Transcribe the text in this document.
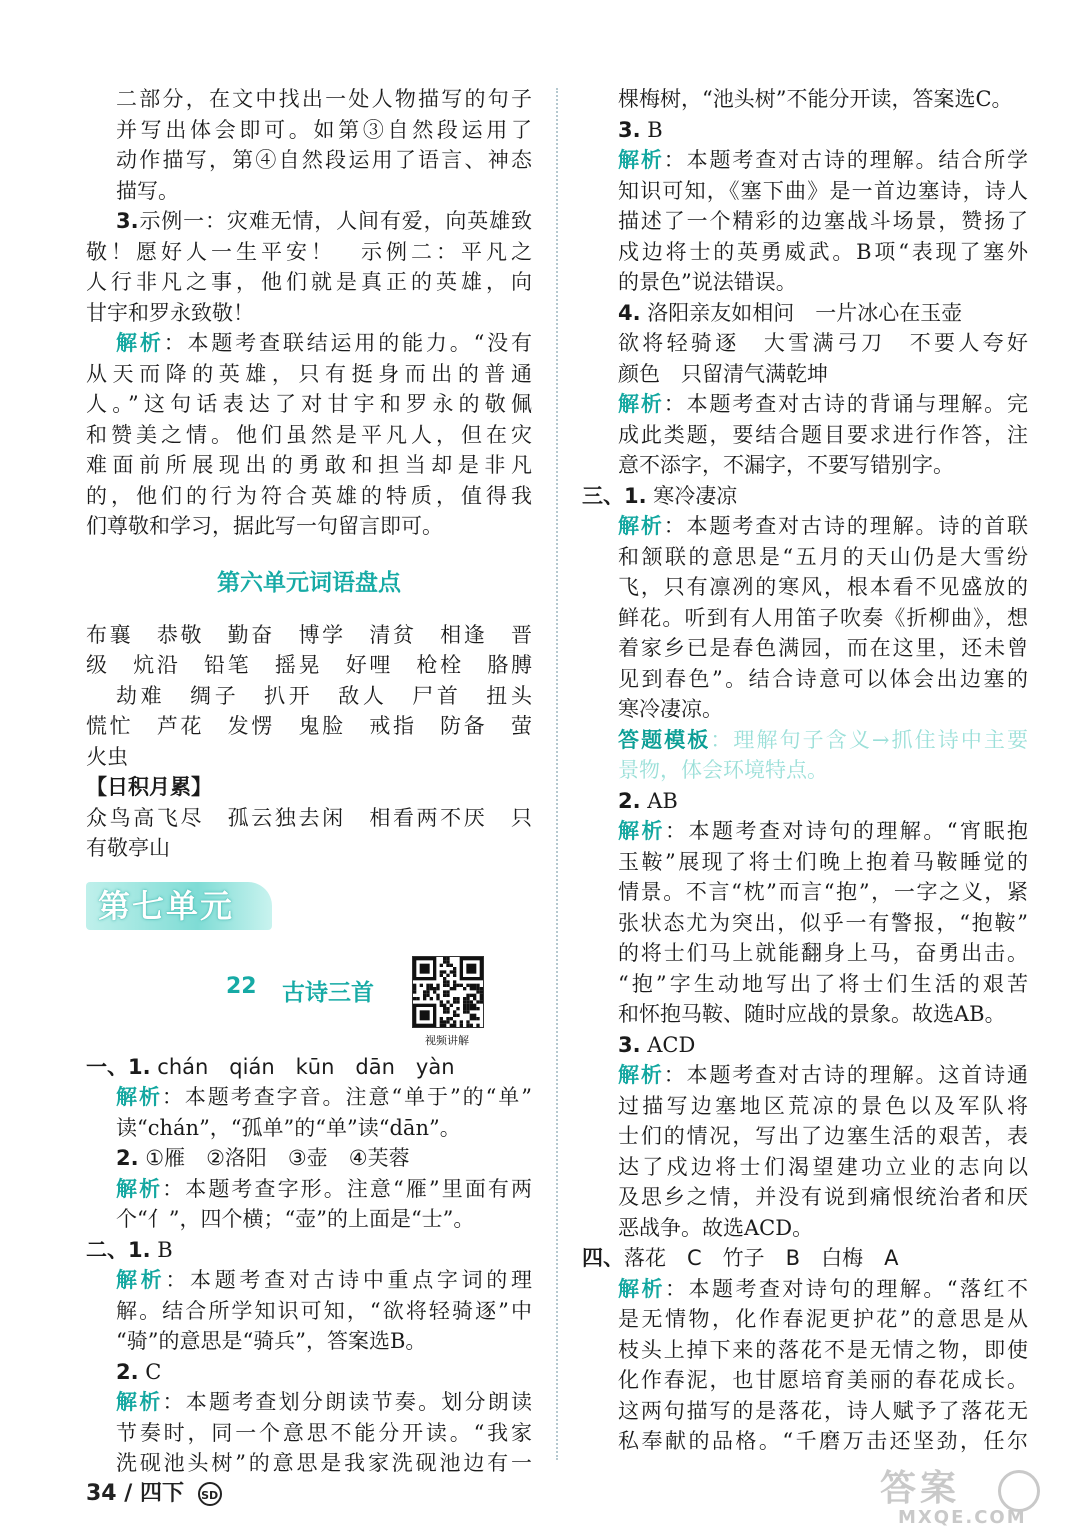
二部分，在文中找出一处人物描写的句子
并写出体会即可。如第③自然段运用了
动作描写，第④自然段运用了语言、神态
描写。
3.示例一：灾难无情，人间有爱，向英雄致
敬！愿好人一生平安！　示例二：平凡之
人行非凡之事，他们就是真正的英雄，向
甘宇和罗永致敬！
解析：本题考查联结运用的能力。“没有
从天而降的英雄，只有挺身而出的普通
人。”这句话表达了对甘宇和罗永的敬佩
和赞美之情。他们虽然是平凡人，但在灾
难面前所展现出的勇敢和担当却是非凡
的，他们的行为符合英雄的特质，值得我
们尊敬和学习，据此写一句留言即可。
第六单元词语盘点
布襄　恭敬　勤奋　博学　清贫　相逢　晋
级　炕沿　铅笔　摇晃　好哩　枪栓　胳膊
劫难　绸子　扒开　敌人　尸首　扭头
慌忙　芦花　发愣　鬼脸　戒指　防备　萤
火虫
【日积月累】
众鸟高飞尽　孤云独去闲　相看两不厌　只
有敬亭山
第七单元
22 古诗三首
视频讲解
一、1. chán　qián　kūn　dān　yàn
解析：本题考查字音。注意“单于”的“单”
读“chán”，“孤单”的“单”读“dān”。
2. ①雁　②洛阳　③壶　④芙蓉
解析：本题考查字形。注意“雁”里面有两
个“亻”，四个横；“壶”的上面是“士”。
二、1. B
解析：本题考查对古诗中重点字词的理
解。结合所学知识可知，“欲将轻骑逐”中
“骑”的意思是“骑兵”，答案选B。
2. C
解析：本题考查划分朗读节奏。划分朗读
节奏时，同一个意思不能分开读。“我家
洗砚池头树”的意思是我家洗砚池边有一
棵梅树，“池头树”不能分开读，答案选C。
3. B
解析：本题考查对古诗的理解。结合所学
知识可知，《塞下曲》是一首边塞诗，诗人
描述了一个精彩的边塞战斗场景，赞扬了
戍边将士的英勇威武。B项“表现了塞外
的景色”说法错误。
4. 洛阳亲友如相问　一片冰心在玉壶
欲将轻骑逐　大雪满弓刀　不要人夸好
颜色　只留清气满乾坤
解析：本题考查对古诗的背诵与理解。完
成此类题，要结合题目要求进行作答，注
意不添字，不漏字，不要写错别字。
三、1. 寒冷凄凉
解析：本题考查对古诗的理解。诗的首联
和颔联的意思是“五月的天山仍是大雪纷
飞，只有凛冽的寒风，根本看不见盛放的
鲜花。听到有人用笛子吹奏《折柳曲》，想
着家乡已是春色满园，而在这里，还未曾
见到春色”。结合诗意可以体会出边塞的
寒冷凄凉。
答题模板：理解句子含义→抓住诗中主要
景物，体会环境特点。
2. AB
解析：本题考查对诗句的理解。“宵眠抱
玉鞍”展现了将士们晚上抱着马鞍睡觉的
情景。不言“枕”而言“抱”，一字之义，紧
张状态尤为突出，似乎一有警报，“抱鞍”
的将士们马上就能翻身上马，奋勇出击。
“抱”字生动地写出了将士们生活的艰苦
和怀抱马鞍、随时应战的景象。故选AB。
3. ACD
解析：本题考查对古诗的理解。这首诗通
过描写边塞地区荒凉的景色以及军队将
士们的情况，写出了边塞生活的艰苦，表
达了戍边将士们渴望建功立业的志向以
及思乡之情，并没有说到痛恨统治者和厌
恶战争。故选ACD。
四、落花　C　竹子　B　白梅　A
解析：本题考查对诗句的理解。“落红不
是无情物，化作春泥更护花”的意思是从
枝头上掉下来的落花不是无情之物，即使
化作春泥，也甘愿培育美丽的春花成长。
这两句描写的是落花，诗人赋予了落花无
私奉献的品格。“千磨万击还坚劲，任尔
34 / 四下 SD	答案
MXQE.COM
